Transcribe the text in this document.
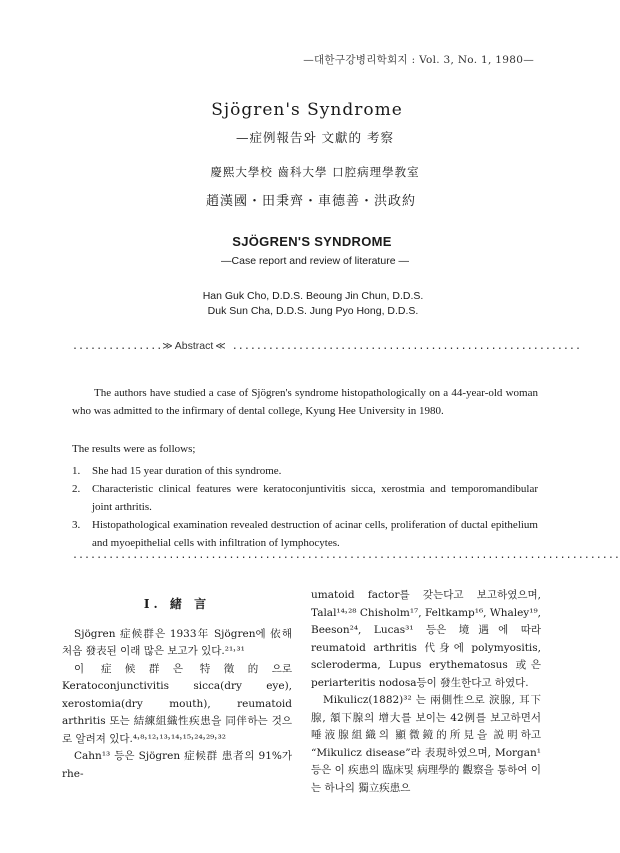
—대한구강병리학회지 : Vol. 3, No. 1, 1980—
Sjögren's Syndrome
—症例報告와 文獻的 考察
慶熙大學校 齒科大學 口腔病理學教室
趙漢國・田秉齊・車德善・洪政約
SJÖGREN'S SYNDROME
—Case report and review of literature —
Han Guk Cho, D.D.S. Beoung Jin Chun, D.D.S.
Duk Sun Cha, D.D.S. Jung Pyo Hong, D.D.S.
...............≫ Abstract ≪ ..........................................................

The authors have studied a case of Sjögren's syndrome histopathologically on a 44-year-old woman who was admitted to the infirmary of dental college, Kyung Hee University in 1980.

The results were as follows;

1. She had 15 year duration of this syndrome.
2. Characteristic clinical features were keratoconjuntivitis sicca, xerostmia and temporomandibular joint arthritis.
3. Histopathological examination revealed destruction of acinar cells, proliferation of ductal epithelium and myoepithelial cells with infiltration of lymphocytes.
...........................................................................................
I. 緒 言

Sjögren 症候群은 1933年 Sjögren에 依해 처음 發表된 이래 많은 보고가 있다.²¹˒³¹

이 症候群은 特徵的으로 Keratoconjunctivitis sicca(dry eye), xerostomia(dry mouth), reumatoid arthritis 또는 結練組織性疾患을 同伴하는 것으로 알려져 있다.⁴˒⁸˒¹²˒¹³˒¹⁴˒¹⁵˒²⁴˒²⁹˒³²

Cahn¹³ 등은 Sjögren 症候群 患者의 91%가 rhe-

umatoid factor를 갖는다고 보고하였으며, Talal¹⁴˒²⁸ Chisholm¹⁷, Feltkamp¹⁶, Whaley¹⁹, Beeson²⁴, Lucas³¹ 등은 境遇에 따라 reumatoid arthritis 代身에 polymyositis, scleroderma, Lupus erythematosus 或은 periarteritis nodosa등이 發生한다고 하였다.

Mikulicz(1882)³² 는 兩側性으로 淚腺, 耳下腺, 頷下腺의 增大를 보이는 42例를 보고하면서 唾液腺組織의 顯微鏡的所見을 説明하고 “Mikulicz disease”라 表現하였으며, Morgan¹ 등은 이 疾患의 臨床및 病理學的 觀察을 통하여 이는 하나의 獨立疾患으
